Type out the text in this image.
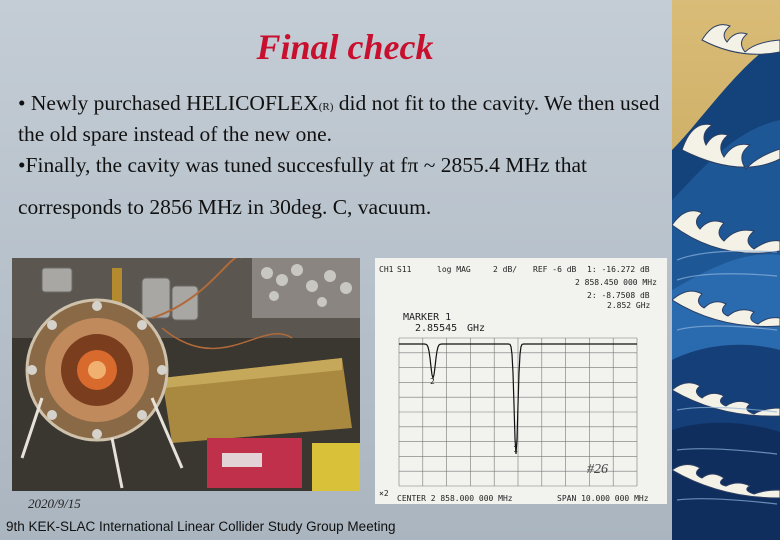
Final check
• Newly purchased HELICOFLEX(R) did not fit to the cavity. We then used the old spare instead of the new one.
•Finally, the cavity was tuned succesfully at fπ ~ 2855.4 MHz that
corresponds to 2856 MHz in 30deg. C, vacuum.
CH1 S11	log MAG	2 dB/ REF -6 dB 1: -16.272 dB
2 858.450 000 MHz
2: -8.7508 dB
2.852 GHz
MARKER 1
2.85545 GHz
2
1
#26
×2
CENTER 2 858.000 000 MHz	SPAN 10.000 000 MHz
2020/9/15
9th KEK-SLAC International Linear Collider Study Group Meeting
